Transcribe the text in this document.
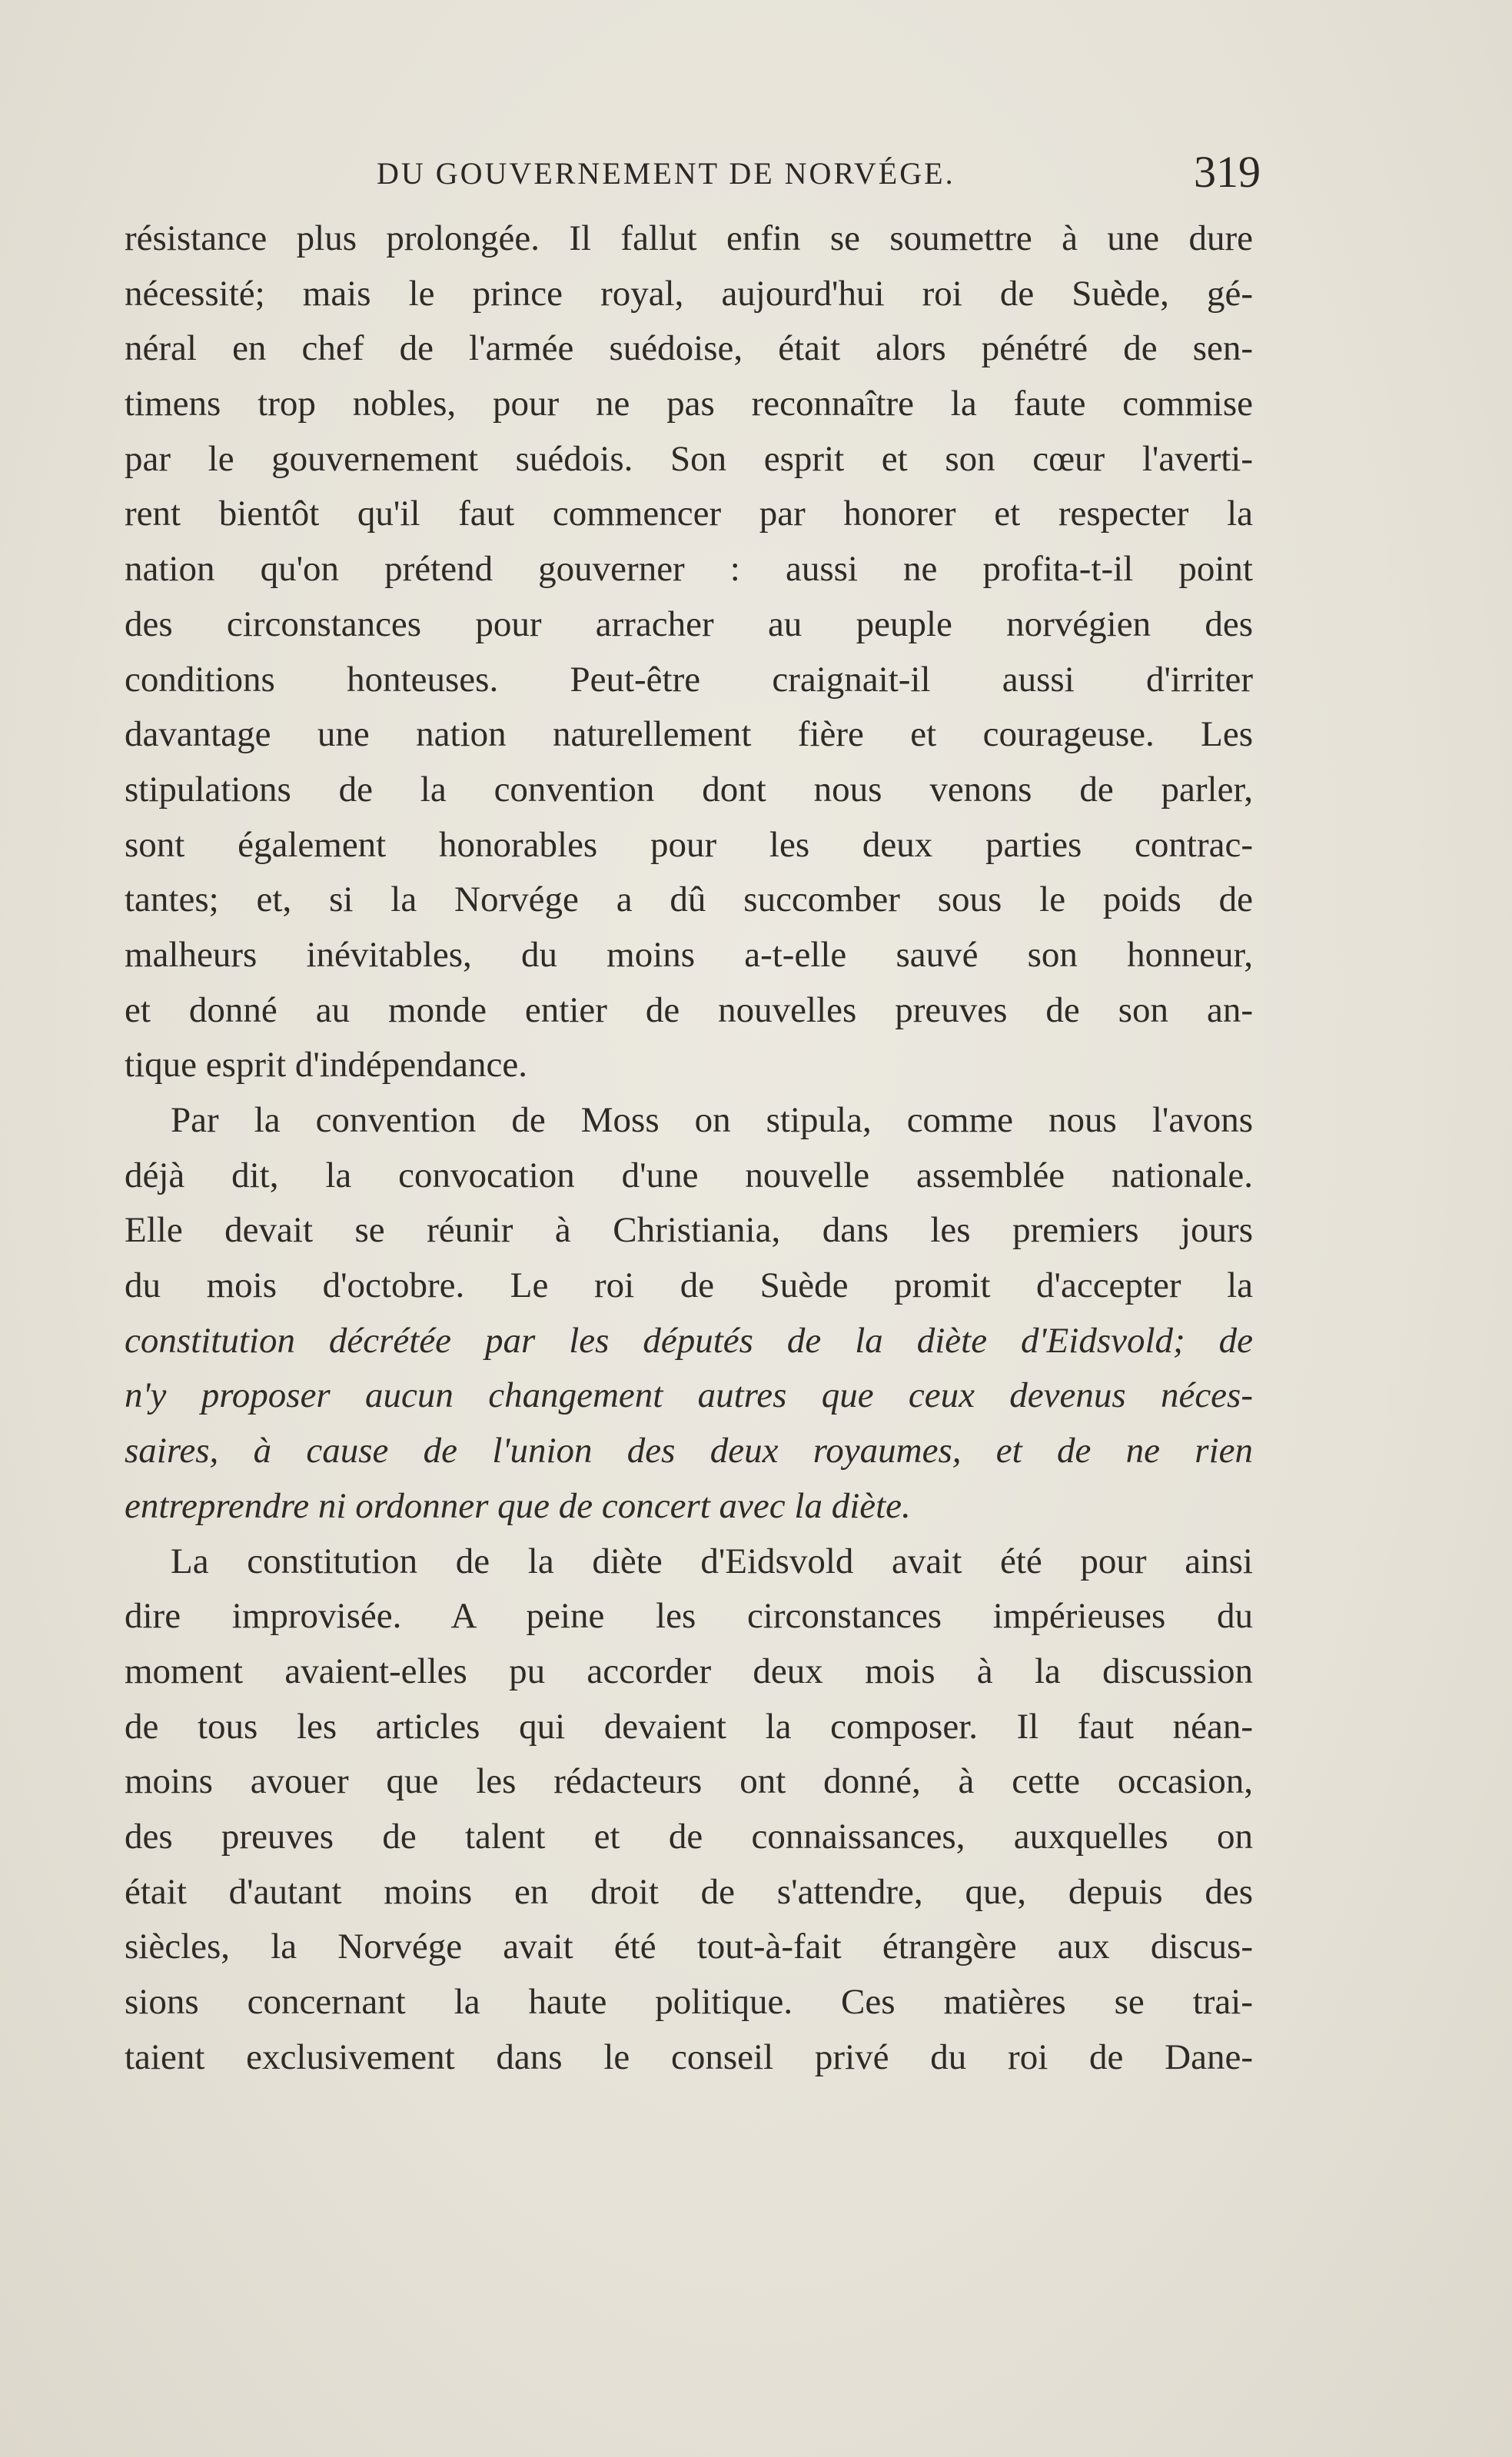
DU GOUVERNEMENT DE NORVÉGE.	319
résistance plus prolongée. Il fallut enfin se soumettre à une dure
nécessité; mais le prince royal, aujourd'hui roi de Suède, gé-
néral en chef de l'armée suédoise, était alors pénétré de sen-
timens trop nobles, pour ne pas reconnaître la faute commise
par le gouvernement suédois. Son esprit et son cœur l'averti-
rent bientôt qu'il faut commencer par honorer et respecter la
nation qu'on prétend gouverner : aussi ne profita-t-il point
des circonstances pour arracher au peuple norvégien des
conditions honteuses. Peut-être craignait-il aussi d'irriter
davantage une nation naturellement fière et courageuse. Les
stipulations de la convention dont nous venons de parler,
sont également honorables pour les deux parties contrac-
tantes; et, si la Norvége a dû succomber sous le poids de
malheurs inévitables, du moins a-t-elle sauvé son honneur,
et donné au monde entier de nouvelles preuves de son an-
tique esprit d'indépendance.
Par la convention de Moss on stipula, comme nous l'avons
déjà dit, la convocation d'une nouvelle assemblée nationale.
Elle devait se réunir à Christiania, dans les premiers jours
du mois d'octobre. Le roi de Suède promit d'accepter la
constitution décrétée par les députés de la diète d'Eidsvold; de
n'y proposer aucun changement autres que ceux devenus néces-
saires, à cause de l'union des deux royaumes, et de ne rien
entreprendre ni ordonner que de concert avec la diète.
La constitution de la diète d'Eidsvold avait été pour ainsi
dire improvisée. A peine les circonstances impérieuses du
moment avaient-elles pu accorder deux mois à la discussion
de tous les articles qui devaient la composer. Il faut néan-
moins avouer que les rédacteurs ont donné, à cette occasion,
des preuves de talent et de connaissances, auxquelles on
était d'autant moins en droit de s'attendre, que, depuis des
siècles, la Norvége avait été tout-à-fait étrangère aux discus-
sions concernant la haute politique. Ces matières se trai-
taient exclusivement dans le conseil privé du roi de Dane-
